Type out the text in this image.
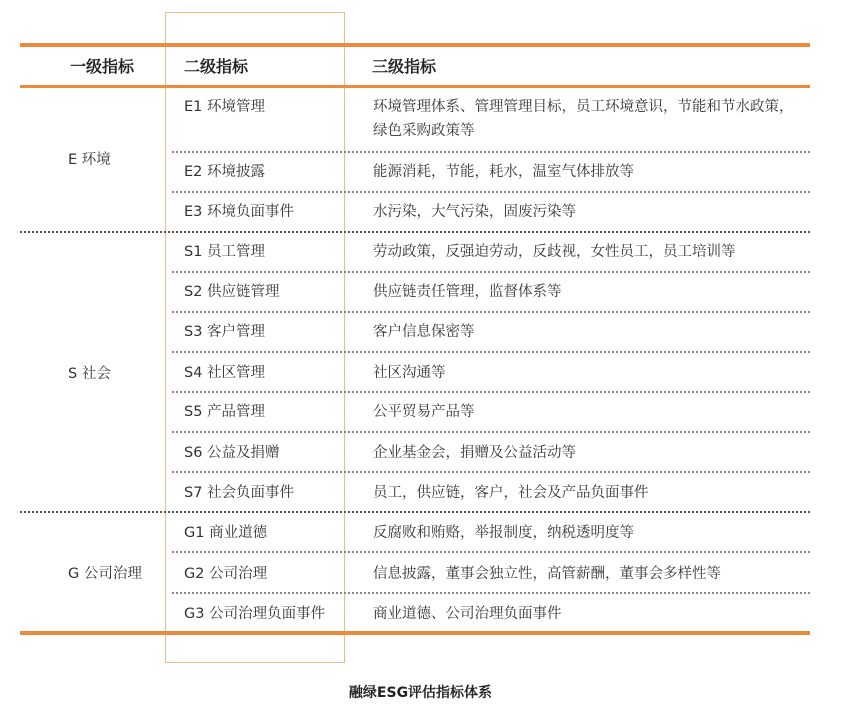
一级指标	二级指标	三级指标
E 环境
E1 环境管理	环境管理体系、管理管理目标，员工环境意识，节能和节水政策，绿色采购政策等
E2 环境披露	能源消耗，节能，耗水，温室气体排放等
E3 环境负面事件	水污染，大气污染，固废污染等
S 社会
S1 员工管理	劳动政策，反强迫劳动，反歧视，女性员工，员工培训等
S2 供应链管理	供应链责任管理，监督体系等
S3 客户管理	客户信息保密等
S4 社区管理	社区沟通等
S5 产品管理	公平贸易产品等
S6 公益及捐赠	企业基金会，捐赠及公益活动等
S7 社会负面事件	员工，供应链，客户，社会及产品负面事件
G 公司治理
G1 商业道德	反腐败和贿赂，举报制度，纳税透明度等
G2 公司治理	信息披露，董事会独立性，高管薪酬，董事会多样性等
G3 公司治理负面事件	商业道德、公司治理负面事件
融绿ESG评估指标体系
